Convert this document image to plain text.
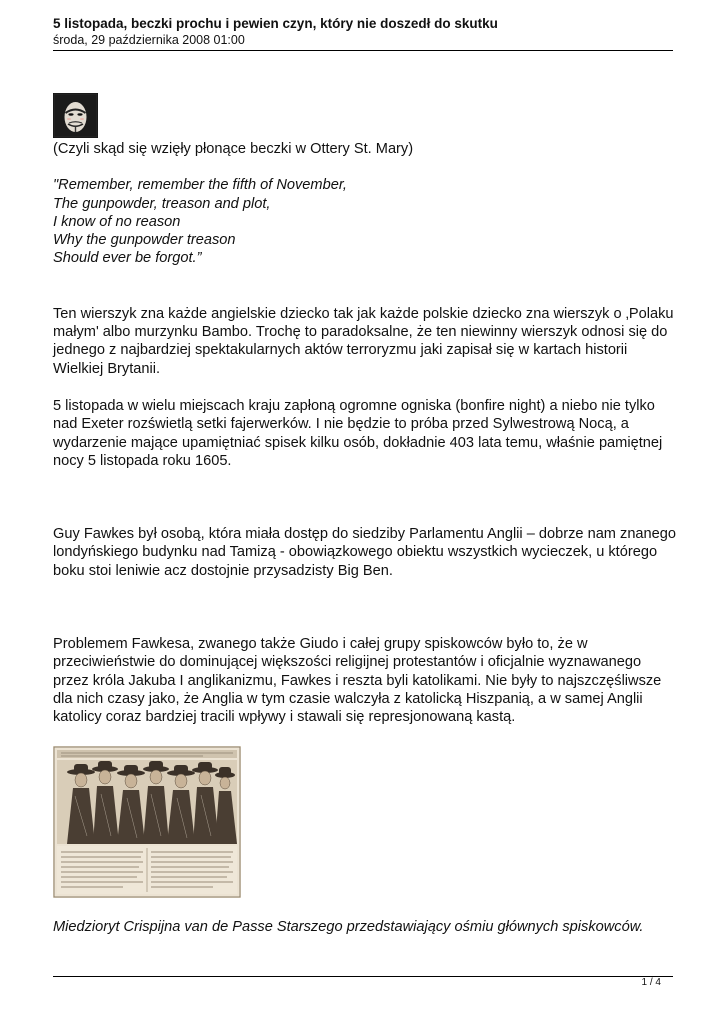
5 listopada, beczki prochu i pewien czyn, który nie doszedł do skutku
środa, 29 października 2008 01:00

(Czyli skąd się wzięły płonące beczki w Ottery St. Mary)

"Remember, remember the fifth of November,
The gunpowder, treason and plot,
I know of no reason
Why the gunpowder treason
Should ever be forgot.”

Ten wierszyk zna każde angielskie dziecko tak jak każde polskie dziecko zna wierszyk o ‚Polaku małym' albo murzynku Bambo. Trochę to paradoksalne, że ten niewinny wierszyk odnosi się do jednego z najbardziej spektakularnych aktów terroryzmu jaki zapisał się w kartach historii Wielkiej Brytanii.

5 listopada w wielu miejscach kraju zapłoną ogromne ogniska (bonfire night) a niebo nie tylko nad Exeter rozświetlą setki fajerwerków. I nie będzie to próba przed Sylwestrową Nocą, a wydarzenie mające upamiętniać spisek kilku osób, dokładnie 403 lata temu, właśnie pamiętnej nocy 5 listopada roku 1605.

Guy Fawkes był osobą, która miała dostęp do siedziby Parlamentu Anglii – dobrze nam znanego londyńskiego budynku nad Tamizą - obowiązkowego obiektu wszystkich wycieczek, u którego boku stoi leniwie acz dostojnie przysadzisty Big Ben.

Problemem Fawkesa, zwanego także Giudo i całej grupy spiskowców było to, że w przeciwieństwie do dominującej większości religijnej protestantów i oficjalnie wyznawanego przez króla Jakuba I anglikanizmu, Fawkes i reszta byli katolikami. Nie były to najszczęśliwsze dla nich czasy jako, że Anglia w tym czasie walczyła z katolicką Hiszpanią, a w samej Anglii katolicy coraz bardziej tracili wpływy i stawali się represjonowaną kastą.

Miedzioryt Crispijna van de Passe Starszego przedstawiający ośmiu głównych spiskowców.

1 / 4
